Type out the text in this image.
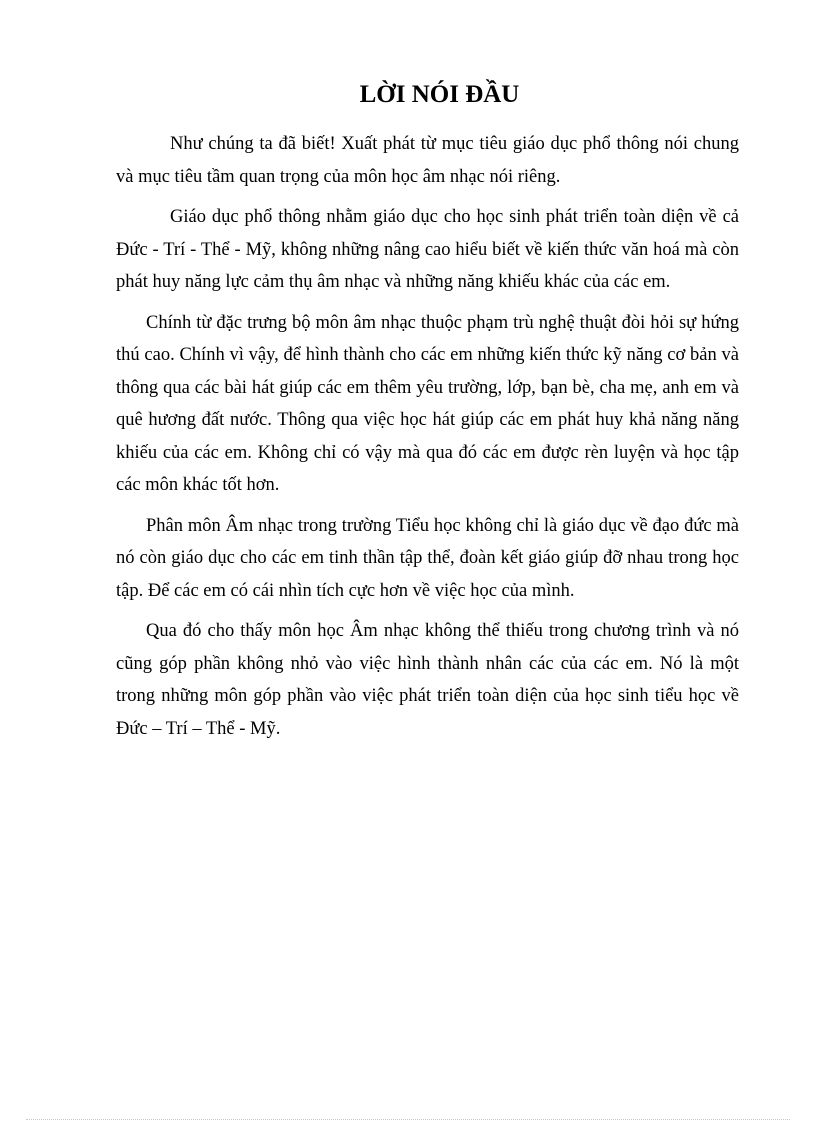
LỜI NÓI ĐẦU

Như chúng ta đã biết! Xuất phát từ mục tiêu giáo dục phổ thông nói chung và mục tiêu tầm quan trọng của môn học âm nhạc nói riêng.

Giáo dục phổ thông nhằm giáo dục cho học sinh phát triển toàn diện về cả Đức - Trí - Thể - Mỹ, không những nâng cao hiểu biết về kiến thức văn hoá mà còn phát huy năng lực cảm thụ âm nhạc và những năng khiếu khác của các em.

Chính từ đặc trưng bộ môn âm nhạc thuộc phạm trù nghệ thuật đòi hỏi sự hứng thú cao. Chính vì vậy, để hình thành cho các em những kiến thức kỹ năng cơ bản và thông qua các bài hát giúp các em thêm yêu trường, lớp, bạn bè, cha mẹ, anh em và quê hương đất nước. Thông qua việc học hát giúp các em phát huy khả năng năng khiếu của các em. Không chỉ có vậy mà qua đó các em được rèn luyện và học tập các môn khác tốt hơn.

Phân môn Âm nhạc trong trường Tiểu học không chỉ là giáo dục về đạo đức mà nó còn giáo dục cho các em tinh thần tập thể, đoàn kết giáo giúp đỡ nhau trong học tập. Để các em có cái nhìn tích cực hơn về việc học của mình.

Qua đó cho thấy môn học Âm nhạc không thể thiếu trong chương trình và nó cũng góp phần không nhỏ vào việc hình thành nhân các của các em. Nó là một trong những môn góp phần vào việc phát triển toàn diện của học sinh tiểu học về Đức – Trí – Thể - Mỹ.
